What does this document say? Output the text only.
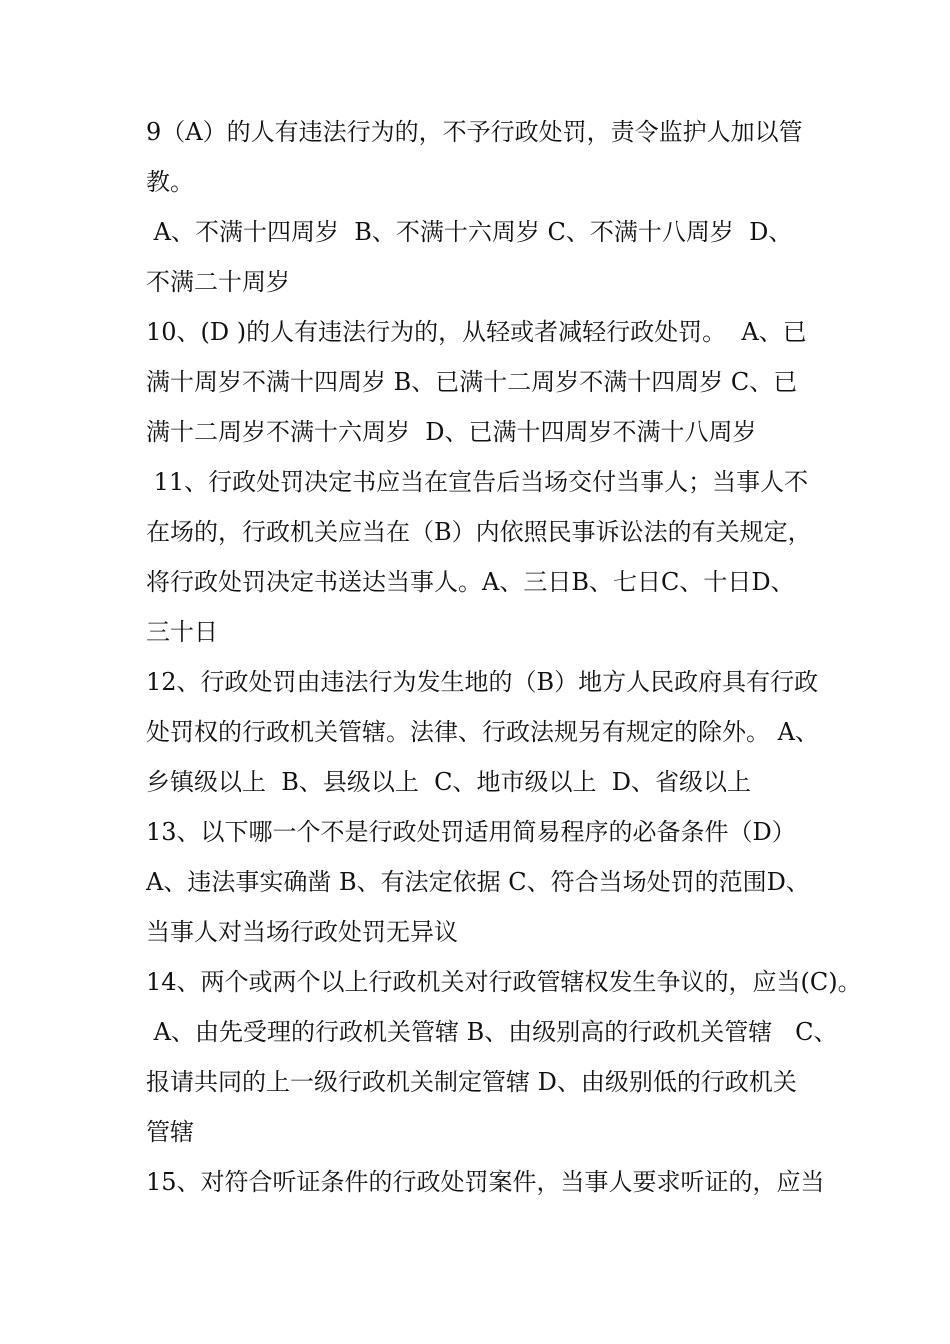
9（A）的人有违法行为的，不予行政处罚，责令监护人加以管
教。
A、不满十四周岁  B、不满十六周岁 C、不满十八周岁  D、
不满二十周岁
10、(D )的人有违法行为的，从轻或者减轻行政处罚。  A、已
满十周岁不满十四周岁 B、已满十二周岁不满十四周岁 C、已
满十二周岁不满十六周岁  D、已满十四周岁不满十八周岁
11、行政处罚决定书应当在宣告后当场交付当事人；当事人不
在场的，行政机关应当在（B）内依照民事诉讼法的有关规定，
将行政处罚决定书送达当事人。A、三日B、七日C、十日D、
三十日
12、行政处罚由违法行为发生地的（B）地方人民政府具有行政
处罚权的行政机关管辖。法律、行政法规另有规定的除外。 A、
乡镇级以上  B、县级以上  C、地市级以上  D、省级以上
13、以下哪一个不是行政处罚适用简易程序的必备条件（D）
A、违法事实确凿 B、有法定依据 C、符合当场处罚的范围D、
当事人对当场行政处罚无异议
14、两个或两个以上行政机关对行政管辖权发生争议的，应当(C)。
A、由先受理的行政机关管辖 B、由级别高的行政机关管辖   C、
报请共同的上一级行政机关制定管辖 D、由级别低的行政机关
管辖
15、对符合听证条件的行政处罚案件，当事人要求听证的，应当
